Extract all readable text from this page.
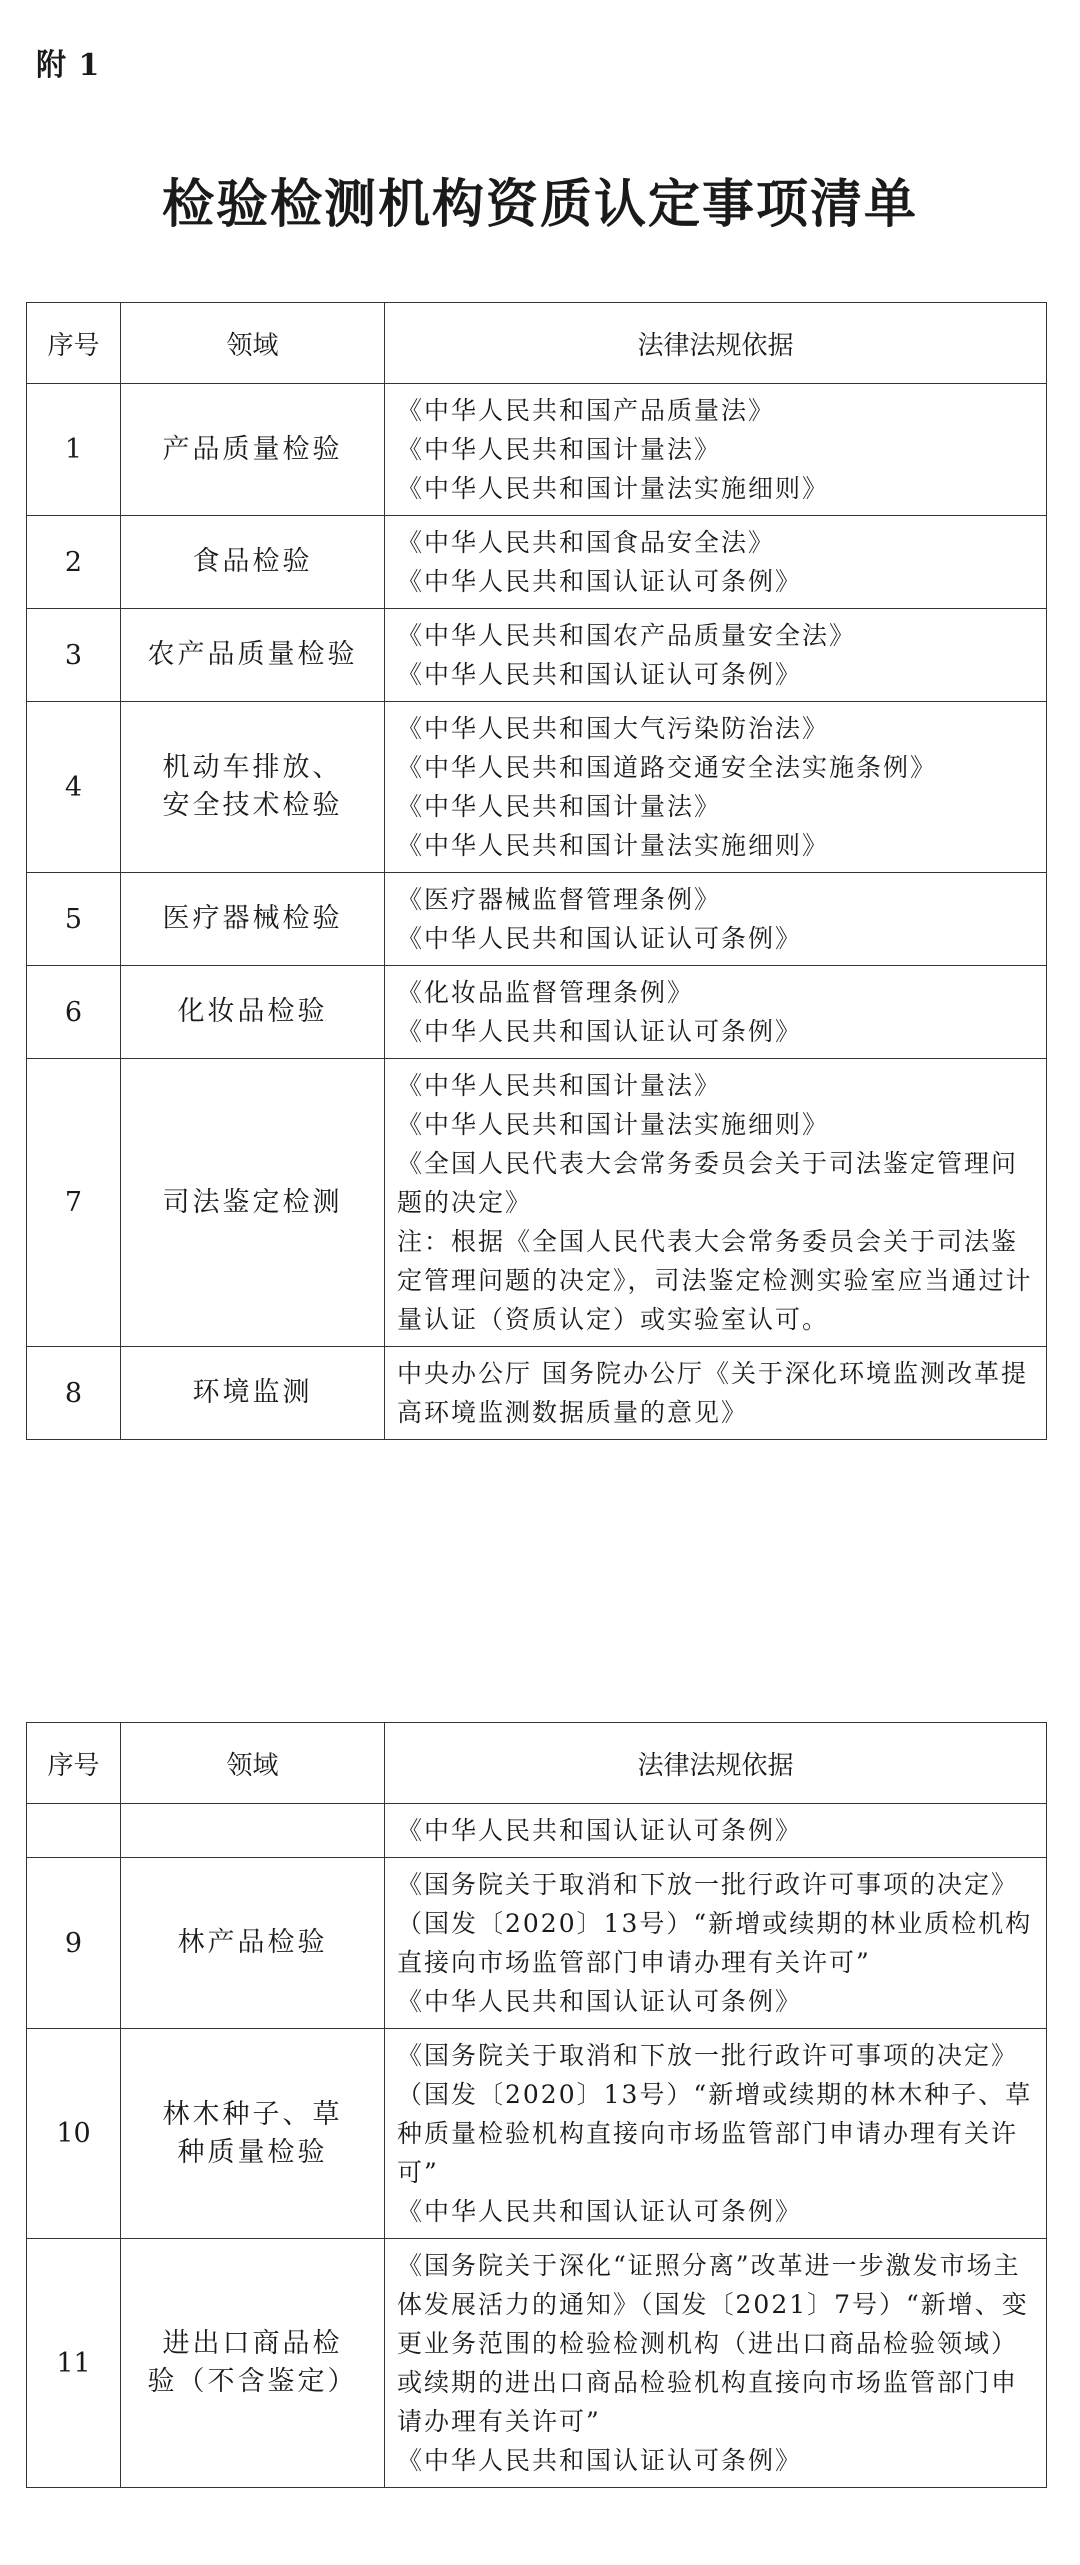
附 1
检验检测机构资质认定事项清单
序号	领域	法律法规依据
1	产品质量检验	《中华人民共和国产品质量法》
《中华人民共和国计量法》
《中华人民共和国计量法实施细则》

2	食品检验	《中华人民共和国食品安全法》
《中华人民共和国认证认可条例》

3	农产品质量检验	《中华人民共和国农产品质量安全法》
《中华人民共和国认证认可条例》

4	机动车排放、
安全技术检验	《中华人民共和国大气污染防治法》
《中华人民共和国道路交通安全法实施条例》
《中华人民共和国计量法》
《中华人民共和国计量法实施细则》

5	医疗器械检验	《医疗器械监督管理条例》
《中华人民共和国认证认可条例》

6	化妆品检验	《化妆品监督管理条例》
《中华人民共和国认证认可条例》

7	司法鉴定检测	《中华人民共和国计量法》
《中华人民共和国计量法实施细则》
《全国人民代表大会常务委员会关于司法鉴定管理问题的决定》
注：根据《全国人民代表大会常务委员会关于司法鉴定管理问题的决定》，司法鉴定检测实验室应当通过计量认证（资质认定）或实验室认可。

8	环境监测	中央办公厅 国务院办公厅《关于深化环境监测改革提高环境监测数据质量的意见》
序号	领域	法律法规依据

		《中华人民共和国认证认可条例》

9	林产品检验	《国务院关于取消和下放一批行政许可事项的决定》（国发〔2020〕13号）“新增或续期的林业质检机构直接向市场监管部门申请办理有关许可”
《中华人民共和国认证认可条例》

10	林木种子、草
种质量检验	《国务院关于取消和下放一批行政许可事项的决定》（国发〔2020〕13号）“新增或续期的林木种子、草种质量检验机构直接向市场监管部门申请办理有关许可”
《中华人民共和国认证认可条例》

11	进出口商品检
验（不含鉴定）	《国务院关于深化“证照分离”改革进一步激发市场主体发展活力的通知》（国发〔2021〕7号）“新增、变更业务范围的检验检测机构（进出口商品检验领域）或续期的进出口商品检验机构直接向市场监管部门申请办理有关许可”
《中华人民共和国认证认可条例》
